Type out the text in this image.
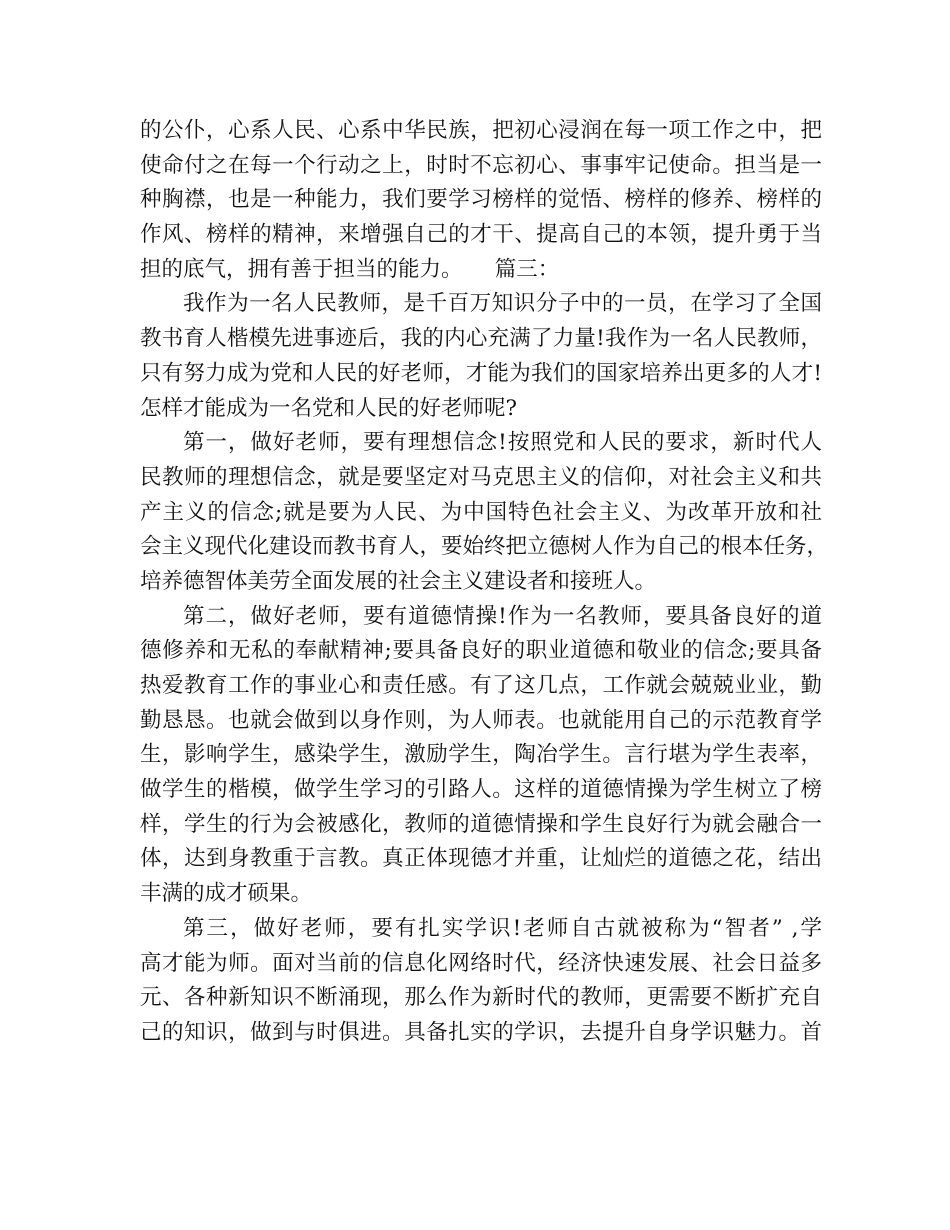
的公仆，心系人民、心系中华民族，把初心浸润在每一项工作之中，把
使命付之在每一个行动之上，时时不忘初心、事事牢记使命。担当是一
种胸襟，也是一种能力，我们要学习榜样的觉悟、榜样的修养、榜样的
作风、榜样的精神，来增强自己的才干、提高自己的本领，提升勇于当
担的底气，拥有善于担当的能力。　　篇三：
我作为一名人民教师，是千百万知识分子中的一员，在学习了全国
教书育人楷模先进事迹后，我的内心充满了力量!我作为一名人民教师，
只有努力成为党和人民的好老师，才能为我们的国家培养出更多的人才!
怎样才能成为一名党和人民的好老师呢?
第一，做好老师，要有理想信念!按照党和人民的要求，新时代人
民教师的理想信念，就是要坚定对马克思主义的信仰，对社会主义和共
产主义的信念;就是要为人民、为中国特色社会主义、为改革开放和社
会主义现代化建设而教书育人，要始终把立德树人作为自己的根本任务，
培养德智体美劳全面发展的社会主义建设者和接班人。
第二，做好老师，要有道德情操!作为一名教师，要具备良好的道
德修养和无私的奉献精神;要具备良好的职业道德和敬业的信念;要具备
热爱教育工作的事业心和责任感。有了这几点，工作就会兢兢业业，勤
勤恳恳。也就会做到以身作则，为人师表。也就能用自己的示范教育学
生，影响学生，感染学生，激励学生，陶冶学生。言行堪为学生表率，
做学生的楷模，做学生学习的引路人。这样的道德情操为学生树立了榜
样，学生的行为会被感化，教师的道德情操和学生良好行为就会融合一
体，达到身教重于言教。真正体现德才并重，让灿烂的道德之花，结出
丰满的成才硕果。
第三，做好老师，要有扎实学识!老师自古就被称为“智者” ,学
高才能为师。面对当前的信息化网络时代，经济快速发展、社会日益多
元、各种新知识不断涌现，那么作为新时代的教师，更需要不断扩充自
己的知识，做到与时俱进。具备扎实的学识，去提升自身学识魅力。首
